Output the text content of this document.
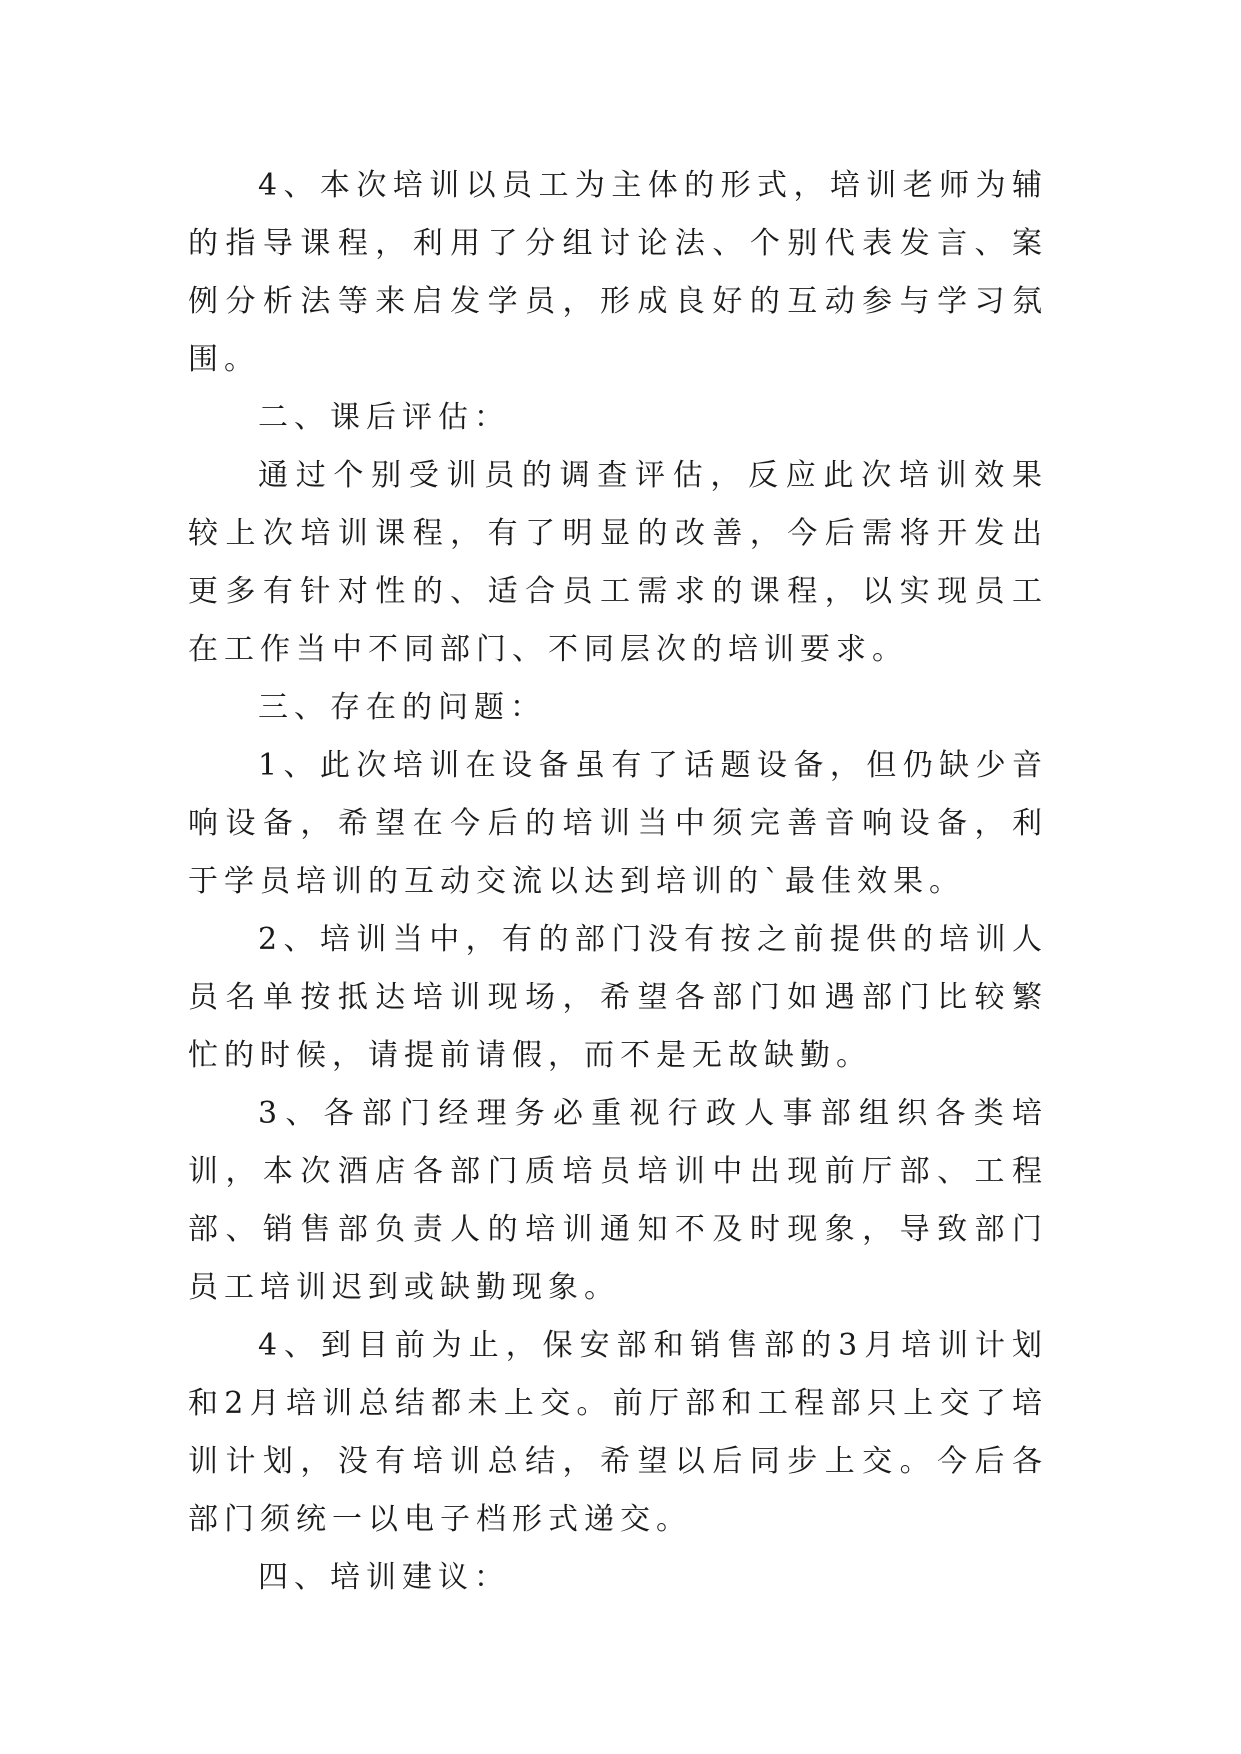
4、本次培训以员工为主体的形式，培训老师为辅的指导课程，利用了分组讨论法、个别代表发言、案例分析法等来启发学员，形成良好的互动参与学习氛围。

二、课后评估：

通过个别受训员的调查评估，反应此次培训效果较上次培训课程，有了明显的改善，今后需将开发出更多有针对性的、适合员工需求的课程，以实现员工在工作当中不同部门、不同层次的培训要求。

三、存在的问题：

1、此次培训在设备虽有了话题设备，但仍缺少音响设备，希望在今后的培训当中须完善音响设备，利于学员培训的互动交流以达到培训的`最佳效果。

2、培训当中，有的部门没有按之前提供的培训人员名单按抵达培训现场，希望各部门如遇部门比较繁忙的时候，请提前请假，而不是无故缺勤。

3、各部门经理务必重视行政人事部组织各类培训，本次酒店各部门质培员培训中出现前厅部、工程部、销售部负责人的培训通知不及时现象，导致部门员工培训迟到或缺勤现象。

4、到目前为止，保安部和销售部的3月培训计划和2月培训总结都未上交。前厅部和工程部只上交了培训计划，没有培训总结，希望以后同步上交。今后各部门须统一以电子档形式递交。

四、培训建议：
